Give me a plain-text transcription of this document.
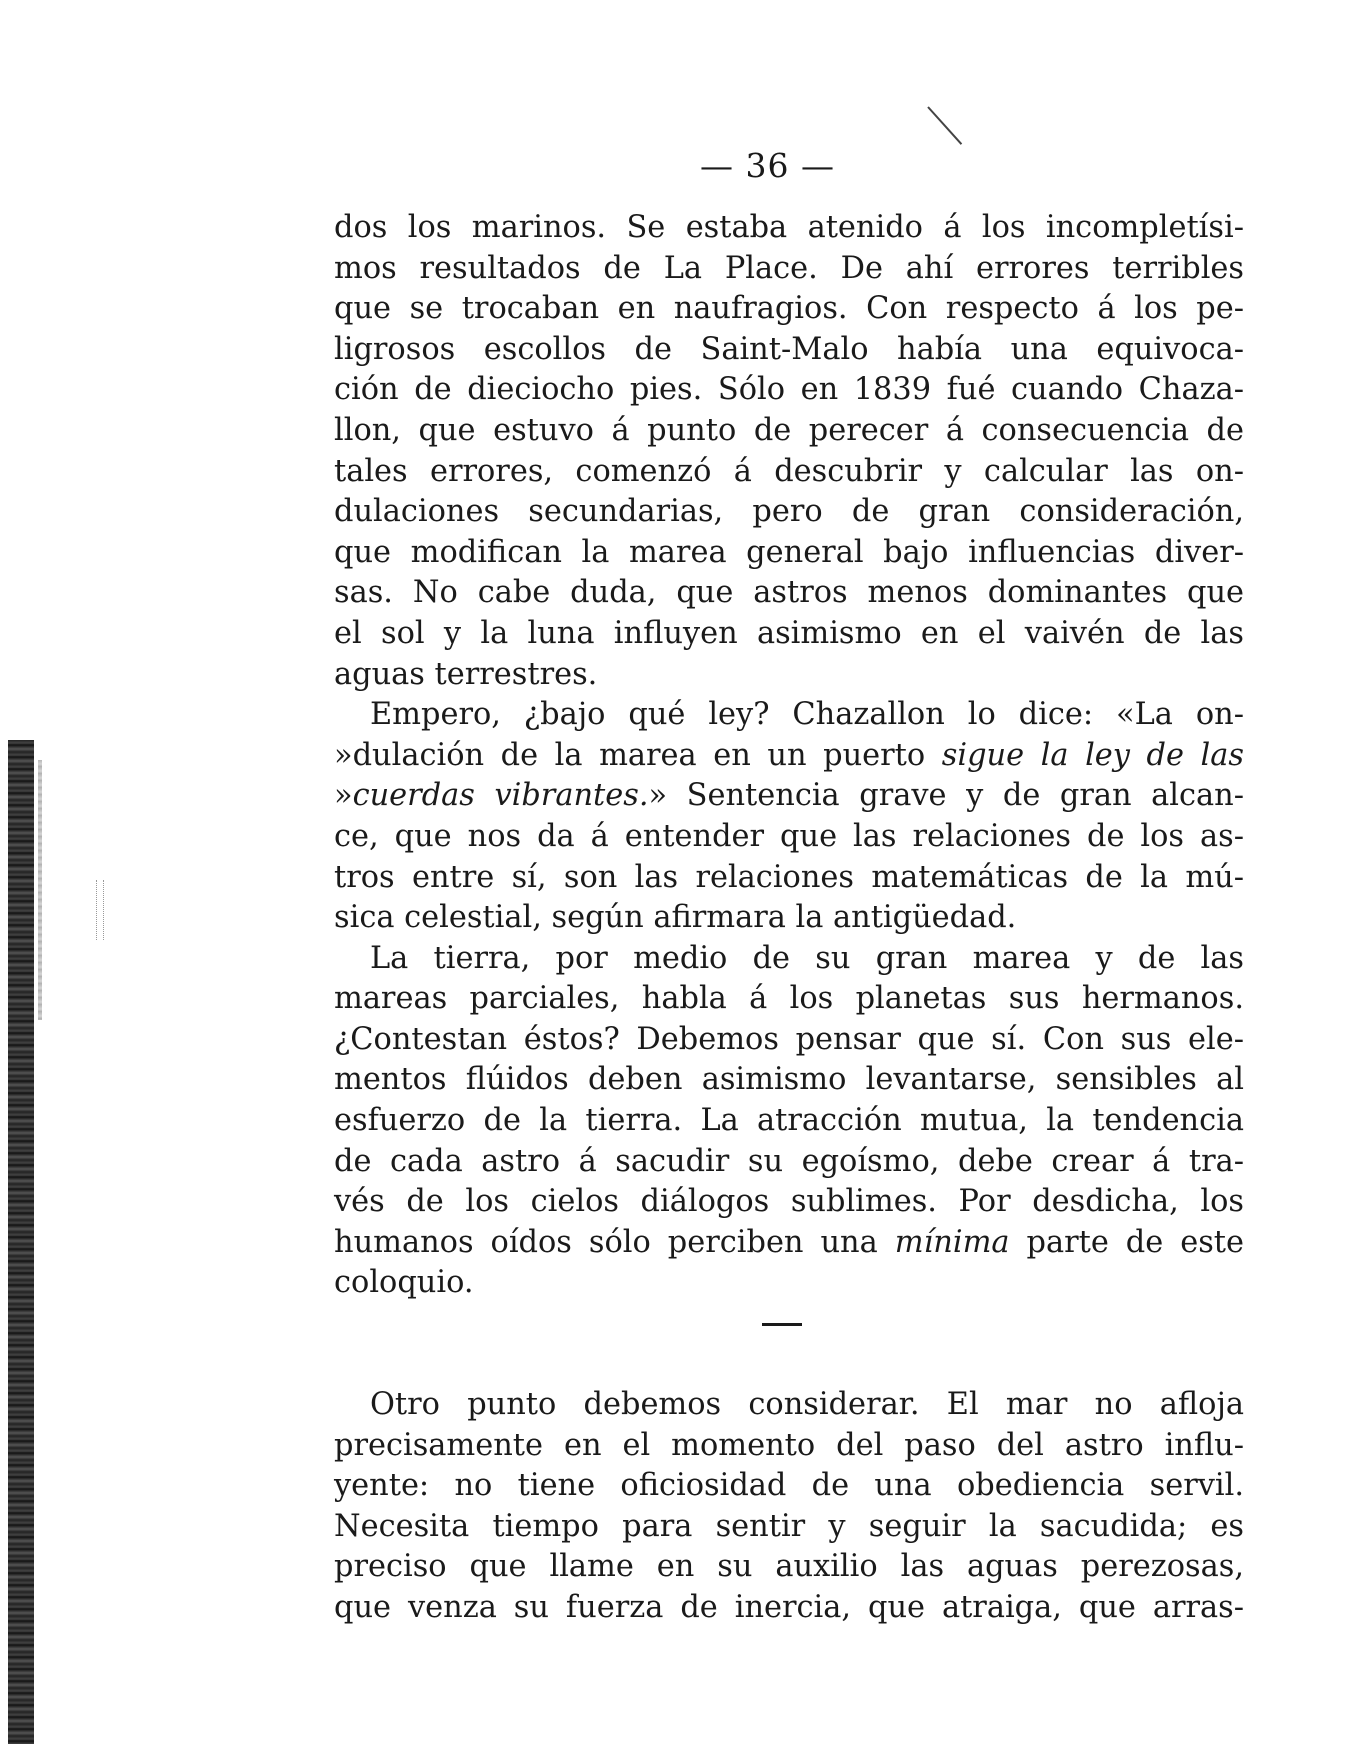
— 36 —
dos los marinos. Se estaba atenido á los incompletísi-
mos resultados de La Place. De ahí errores terribles
que se trocaban en naufragios. Con respecto á los pe-
ligrosos escollos de Saint-Malo había una equivoca-
ción de dieciocho pies. Sólo en 1839 fué cuando Chaza-
llon, que estuvo á punto de perecer á consecuencia de
tales errores, comenzó á descubrir y calcular las on-
dulaciones secundarias, pero de gran consideración,
que modifican la marea general bajo influencias diver-
sas. No cabe duda, que astros menos dominantes que
el sol y la luna influyen asimismo en el vaivén de las
aguas terrestres.
Empero, ¿bajo qué ley? Chazallon lo dice: «La on-
»dulación de la marea en un puerto sigue la ley de las
»cuerdas vibrantes.» Sentencia grave y de gran alcan-
ce, que nos da á entender que las relaciones de los as-
tros entre sí, son las relaciones matemáticas de la mú-
sica celestial, según afirmara la antigüedad.
La tierra, por medio de su gran marea y de las
mareas parciales, habla á los planetas sus hermanos.
¿Contestan éstos? Debemos pensar que sí. Con sus ele-
mentos flúidos deben asimismo levantarse, sensibles al
esfuerzo de la tierra. La atracción mutua, la tendencia
de cada astro á sacudir su egoísmo, debe crear á tra-
vés de los cielos diálogos sublimes. Por desdicha, los
humanos oídos sólo perciben una mínima parte de este
coloquio.
Otro punto debemos considerar. El mar no afloja
precisamente en el momento del paso del astro influ-
yente: no tiene oficiosidad de una obediencia servil.
Necesita tiempo para sentir y seguir la sacudida; es
preciso que llame en su auxilio las aguas perezosas,
que venza su fuerza de inercia, que atraiga, que arras-
